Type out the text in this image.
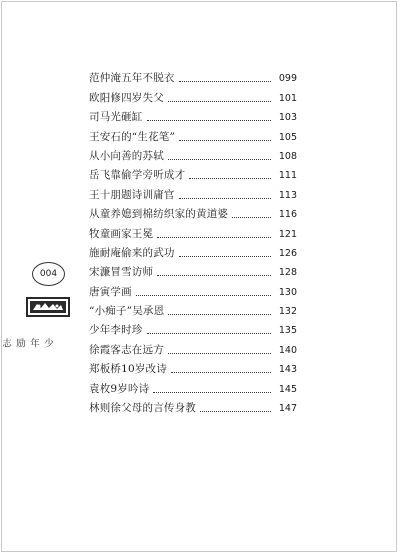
范仲淹五年不脱衣	099
欧阳修四岁失父	101
司马光砸缸	103
王安石的“生花笔”	105
从小向善的苏轼	108
岳飞靠偷学旁听成才	111
王十朋题诗训庸官	113
从童养媳到棉纺织家的黄道婆	116
牧童画家王冕	121
施耐庵偷来的武功	126
宋濂冒雪访师	128
唐寅学画	130
“小痴子”吴承恩	132
少年李时珍	135
徐霞客志在远方	140
郑板桥10岁改诗	143
袁枚9岁吟诗	145
林则徐父母的言传身教	147
004
少年励志
